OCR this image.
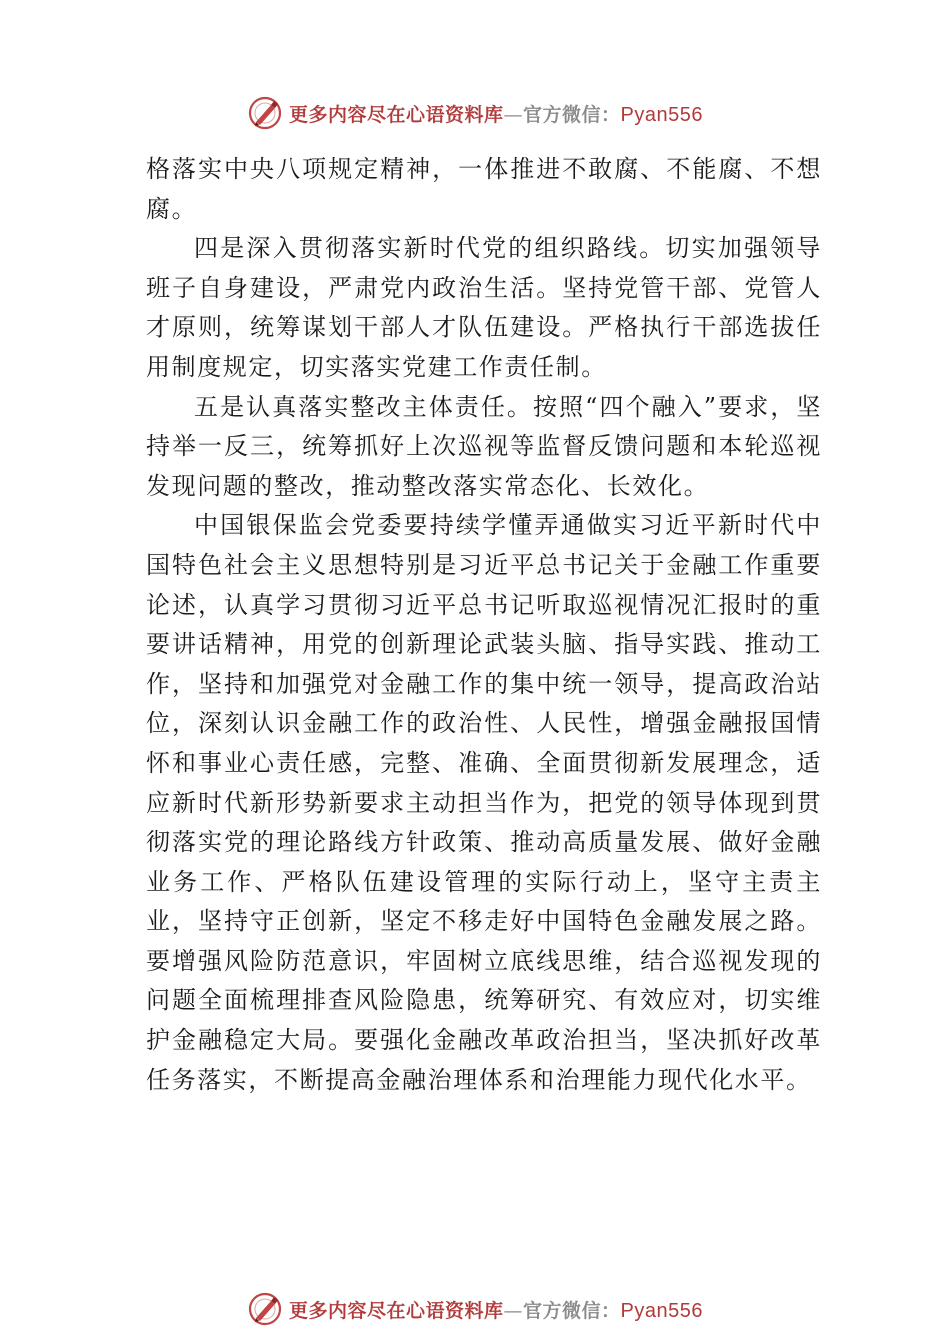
更多内容尽在心语资料库—官方微信：Pyan556

格落实中央八项规定精神，一体推进不敢腐、不能腐、不想腐。

四是深入贯彻落实新时代党的组织路线。切实加强领导班子自身建设，严肃党内政治生活。坚持党管干部、党管人才原则，统筹谋划干部人才队伍建设。严格执行干部选拔任用制度规定，切实落实党建工作责任制。

五是认真落实整改主体责任。按照“四个融入”要求，坚持举一反三，统筹抓好上次巡视等监督反馈问题和本轮巡视发现问题的整改，推动整改落实常态化、长效化。

中国银保监会党委要持续学懂弄通做实习近平新时代中国特色社会主义思想特别是习近平总书记关于金融工作重要论述，认真学习贯彻习近平总书记听取巡视情况汇报时的重要讲话精神，用党的创新理论武装头脑、指导实践、推动工作，坚持和加强党对金融工作的集中统一领导，提高政治站位，深刻认识金融工作的政治性、人民性，增强金融报国情怀和事业心责任感，完整、准确、全面贯彻新发展理念，适应新时代新形势新要求主动担当作为，把党的领导体现到贯彻落实党的理论路线方针政策、推动高质量发展、做好金融业务工作、严格队伍建设管理的实际行动上，坚守主责主业，坚持守正创新，坚定不移走好中国特色金融发展之路。要增强风险防范意识，牢固树立底线思维，结合巡视发现的问题全面梳理排查风险隐患，统筹研究、有效应对，切实维护金融稳定大局。要强化金融改革政治担当，坚决抓好改革任务落实，不断提高金融治理体系和治理能力现代化水平。

更多内容尽在心语资料库—官方微信：Pyan556
